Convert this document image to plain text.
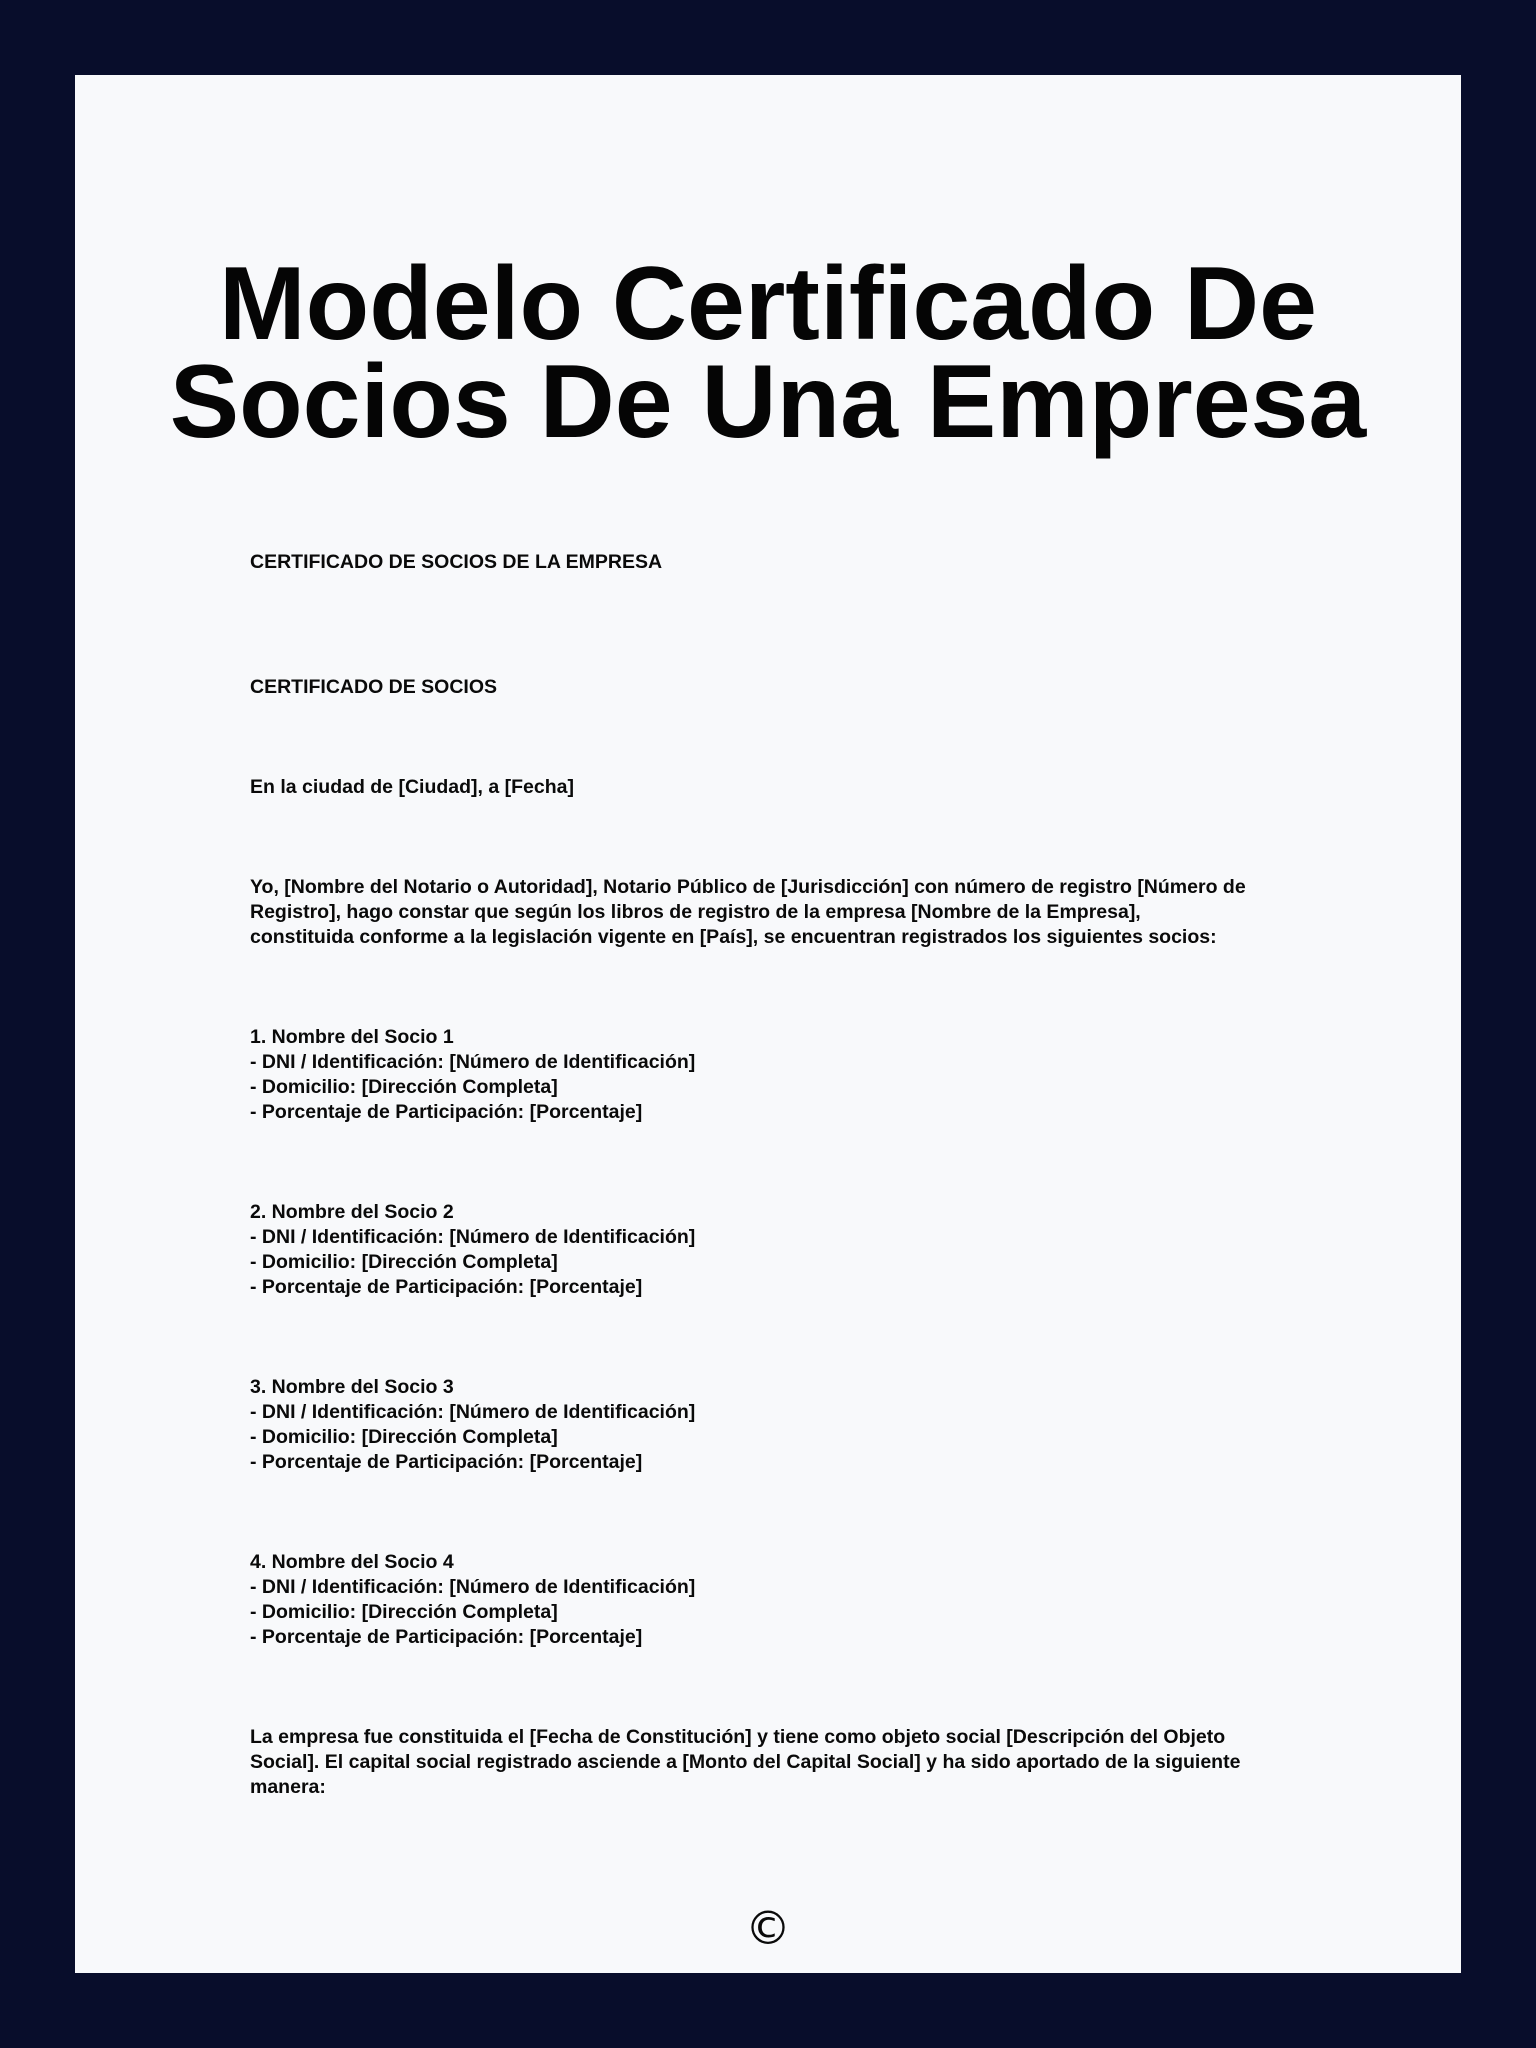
Modelo Certificado De
Socios De Una Empresa

CERTIFICADO DE SOCIOS DE LA EMPRESA

CERTIFICADO DE SOCIOS

En la ciudad de [Ciudad], a [Fecha]

Yo, [Nombre del Notario o Autoridad], Notario Público de [Jurisdicción] con número de registro [Número de
Registro], hago constar que según los libros de registro de la empresa [Nombre de la Empresa],
constituida conforme a la legislación vigente en [País], se encuentran registrados los siguientes socios:

1. Nombre del Socio 1
- DNI / Identificación: [Número de Identificación]
- Domicilio: [Dirección Completa]
- Porcentaje de Participación: [Porcentaje]
2. Nombre del Socio 2
- DNI / Identificación: [Número de Identificación]
- Domicilio: [Dirección Completa]
- Porcentaje de Participación: [Porcentaje]
3. Nombre del Socio 3
- DNI / Identificación: [Número de Identificación]
- Domicilio: [Dirección Completa]
- Porcentaje de Participación: [Porcentaje]
4. Nombre del Socio 4
- DNI / Identificación: [Número de Identificación]
- Domicilio: [Dirección Completa]
- Porcentaje de Participación: [Porcentaje]

La empresa fue constituida el [Fecha de Constitución] y tiene como objeto social [Descripción del Objeto
Social]. El capital social registrado asciende a [Monto del Capital Social] y ha sido aportado de la siguiente
manera:

©
